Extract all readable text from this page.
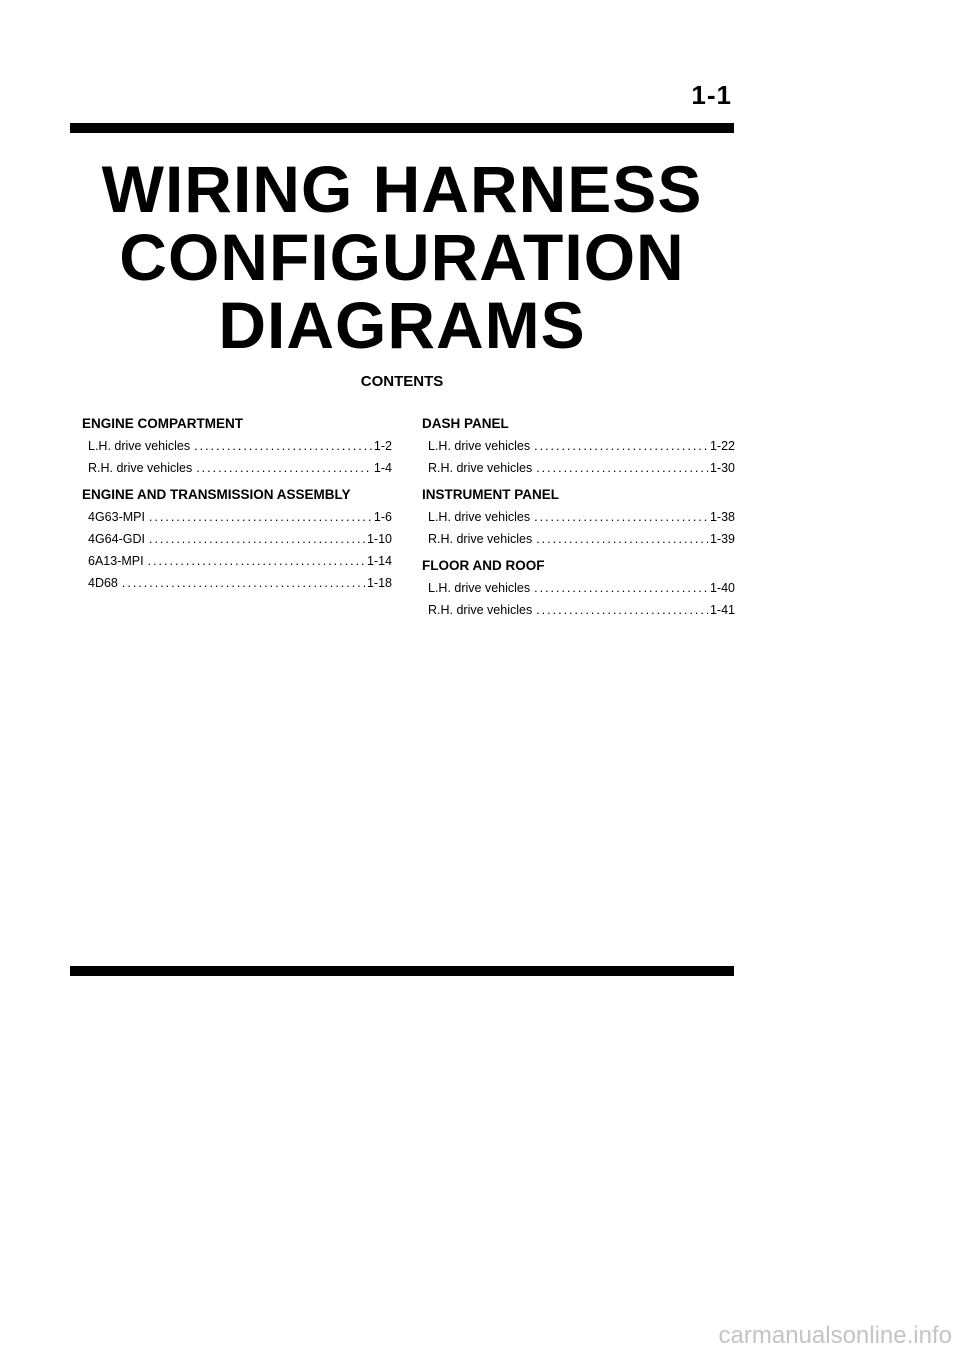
1-1
WIRING HARNESS
CONFIGURATION
DIAGRAMS
CONTENTS
ENGINE COMPARTMENT
L.H. drive vehicles .....	1-2
R.H. drive vehicles .....	1-4
ENGINE AND TRANSMISSION ASSEMBLY
4G63-MPI .....	1-6
4G64-GDI .....	1-10
6A13-MPI .....	1-14
4D68 .....	1-18
DASH PANEL
L.H. drive vehicles .....	1-22
R.H. drive vehicles .....	1-30
INSTRUMENT PANEL
L.H. drive vehicles .....	1-38
R.H. drive vehicles .....	1-39
FLOOR AND ROOF
L.H. drive vehicles .....	1-40
R.H. drive vehicles .....	1-41
carmanualsonline.info
